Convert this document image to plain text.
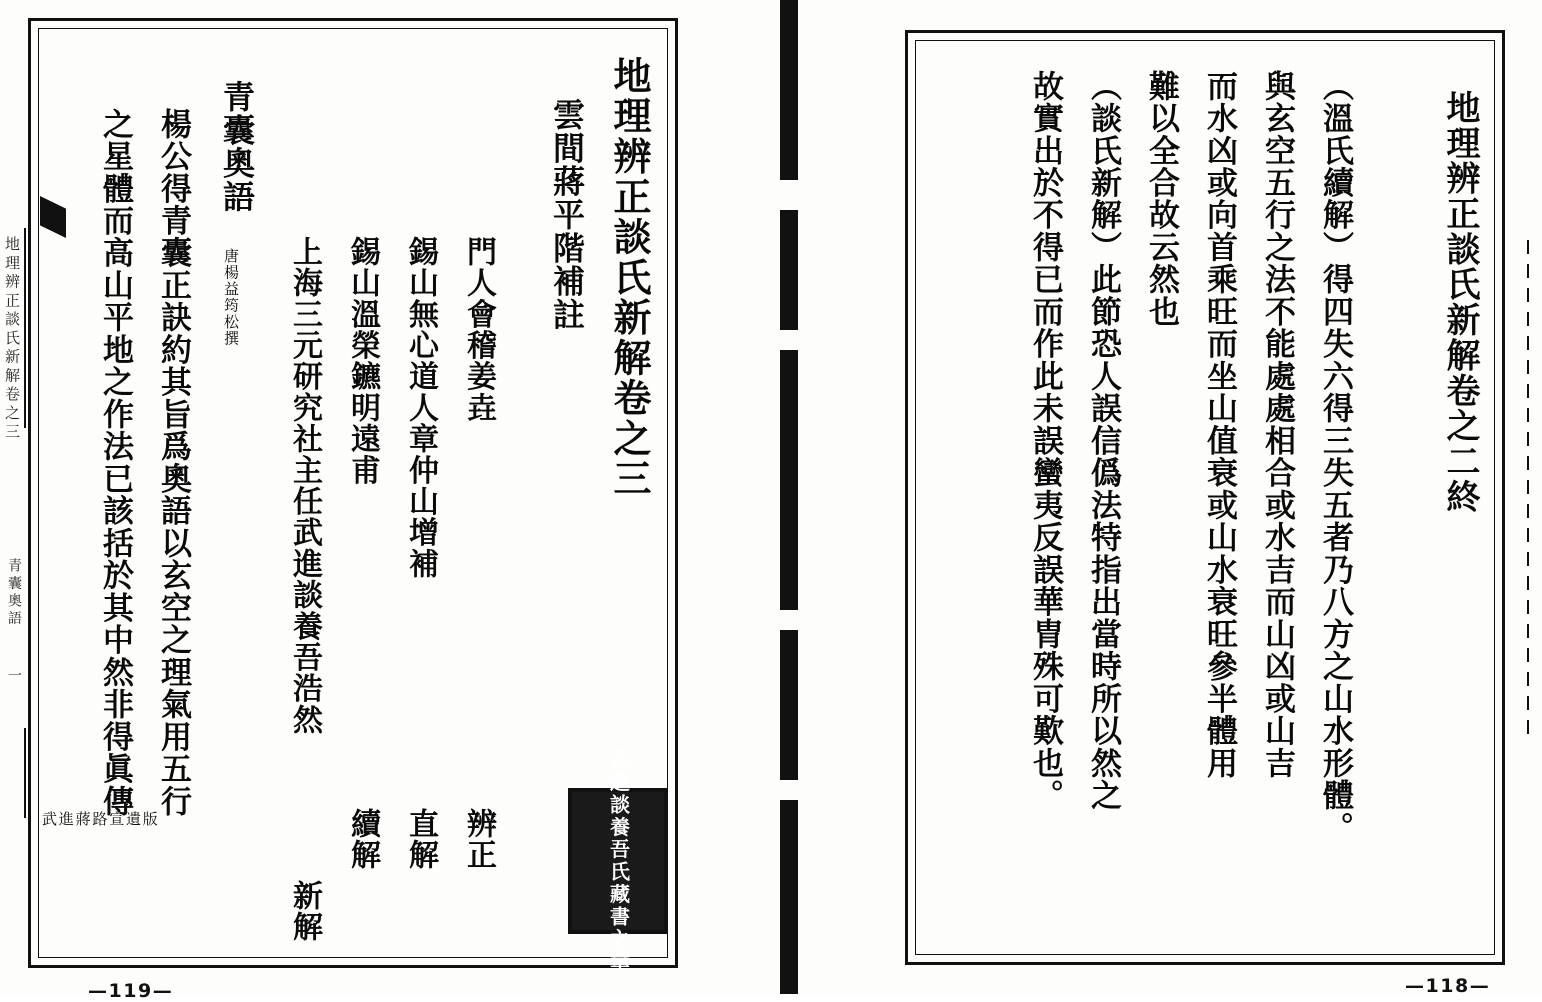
地理辨正談氏新解卷之三
青囊奧語
一
地理辨正談氏新解卷之三
雲間蔣平階補註
門人會稽姜垚
辨正
錫山無心道人章仲山增補
直解
錫山溫榮鑣明遠甫
續解
上海三元研究社主任武進談養吾浩然
新解
青囊奧語
唐楊益筠松撰
楊公得青囊正訣約其旨爲奧語以玄空之理氣用五行
之星體而高山平地之作法已該括於其中然非得眞傳
武進談養吾氏藏書之章
—119—
武進蔣路宣遺版
地理辨正談氏新解卷之二終
（溫氏續解）得四失六得三失五者乃八方之山水形體。
與玄空五行之法不能處處相合或水吉而山凶或山吉
而水凶或向首乘旺而坐山值衰或山水衰旺參半體用
難以全合故云然也
（談氏新解）此節恐人誤信僞法特指出當時所以然之
故實出於不得已而作此未誤蠻夷反誤華胄殊可歎也。
—118—
